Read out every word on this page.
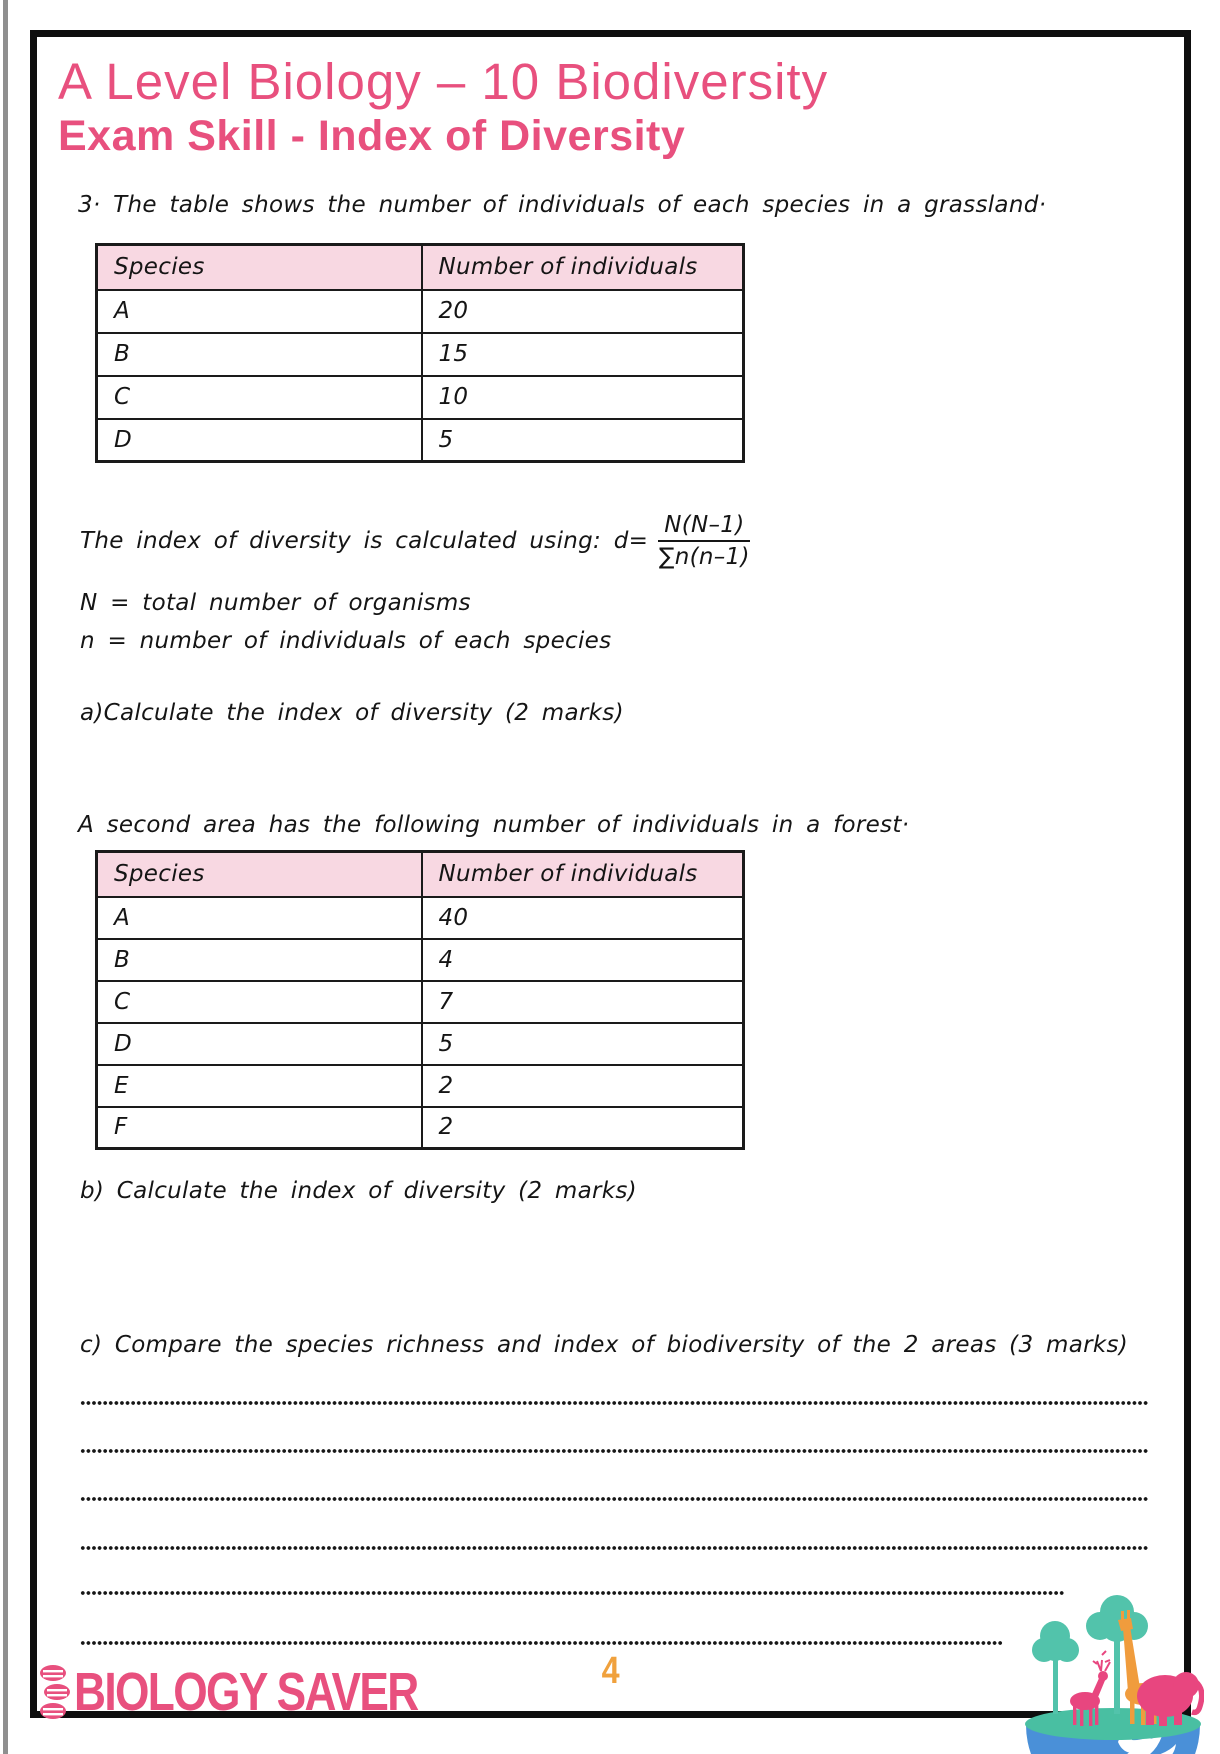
A Level Biology – 10 Biodiversity
Exam Skill - Index of Diversity
3· The table shows the number of individuals of each species in a grassland·
Species	Number of individuals
A	20
B	15
C	10
D	5
The index of diversity is calculated using: $d= \frac{N(N-1)}{\sum n(n-1)}$
N = total number of organisms
n = number of individuals of each species
a)Calculate the index of diversity (2 marks)
A second area has the following number of individuals in a forest·
Species	Number of individuals
A	40
B	4
C	7
D	5
E	2
F	2
b) Calculate the index of diversity (2 marks)
c) Compare the species richness and index of biodiversity of the 2 areas (3 marks)
BIOLOGY SAVER	4
